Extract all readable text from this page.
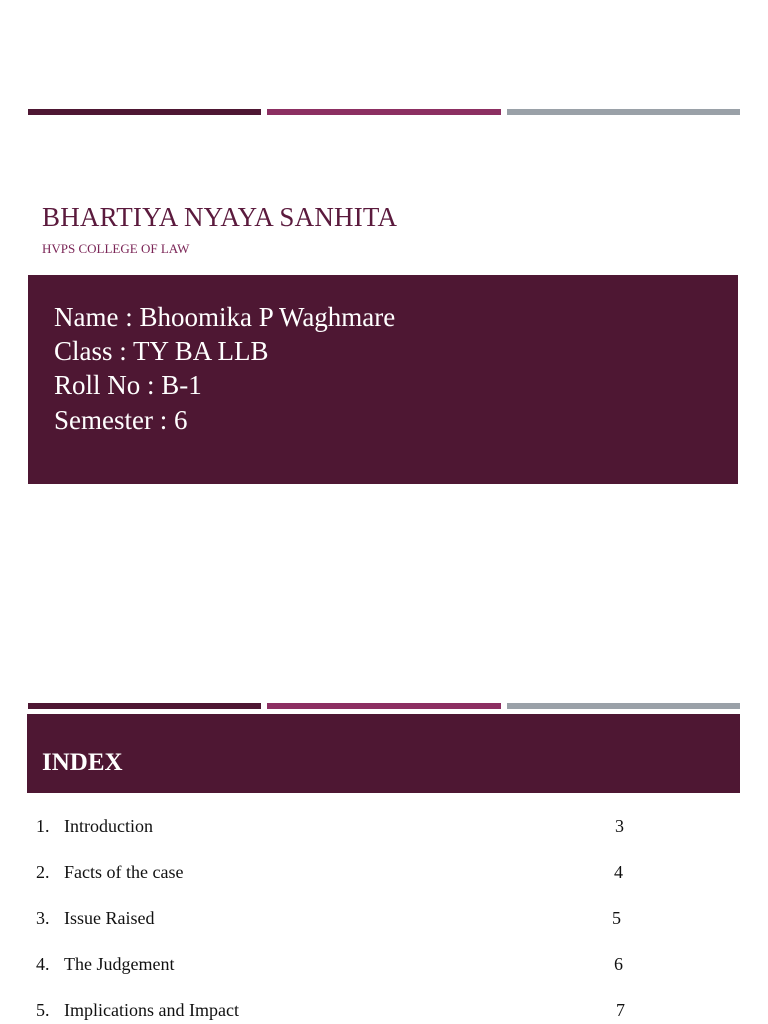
BHARTIYA NYAYA SANHITA
HVPS COLLEGE OF LAW
Name : Bhoomika P Waghmare
Class : TY BA LLB
Roll No : B-1
Semester : 6
INDEX
1. Introduction	3
2. Facts of the case	4
3. Issue Raised	5
4. The Judgement	6
5. Implications and Impact	7
